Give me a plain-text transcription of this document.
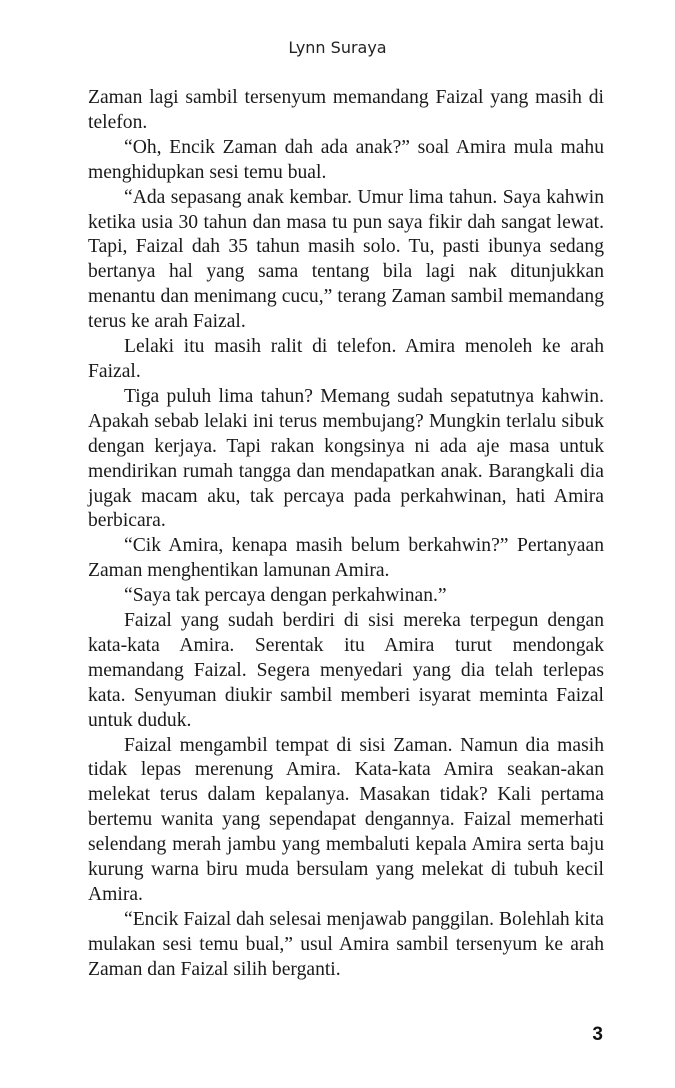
Lynn Suraya

Zaman lagi sambil tersenyum memandang Faizal yang masih di telefon.

“Oh, Encik Zaman dah ada anak?” soal Amira mula mahu menghidupkan sesi temu bual.

“Ada sepasang anak kembar. Umur lima tahun. Saya kahwin ketika usia 30 tahun dan masa tu pun saya fikir dah sangat lewat. Tapi, Faizal dah 35 tahun masih solo. Tu, pasti ibunya sedang bertanya hal yang sama tentang bila lagi nak ditunjukkan menantu dan menimang cucu,” terang Zaman sambil memandang terus ke arah Faizal.

Lelaki itu masih ralit di telefon. Amira menoleh ke arah Faizal.

Tiga puluh lima tahun? Memang sudah sepatutnya kahwin. Apakah sebab lelaki ini terus membujang? Mungkin terlalu sibuk dengan kerjaya. Tapi rakan kongsinya ni ada aje masa untuk mendirikan rumah tangga dan mendapatkan anak. Barangkali dia jugak macam aku, tak percaya pada perkahwinan, hati Amira berbicara.

“Cik Amira, kenapa masih belum berkahwin?” Pertanyaan Zaman menghentikan lamunan Amira.

“Saya tak percaya dengan perkahwinan.”

Faizal yang sudah berdiri di sisi mereka terpegun dengan kata-kata Amira. Serentak itu Amira turut mendongak memandang Faizal. Segera menyedari yang dia telah terlepas kata. Senyuman diukir sambil memberi isyarat meminta Faizal untuk duduk.

Faizal mengambil tempat di sisi Zaman. Namun dia masih tidak lepas merenung Amira. Kata-kata Amira seakan-akan melekat terus dalam kepalanya. Masakan tidak? Kali pertama bertemu wanita yang sependapat dengannya. Faizal memerhati selendang merah jambu yang membaluti kepala Amira serta baju kurung warna biru muda bersulam yang melekat di tubuh kecil Amira.

“Encik Faizal dah selesai menjawab panggilan. Bolehlah kita mulakan sesi temu bual,” usul Amira sambil tersenyum ke arah Zaman dan Faizal silih berganti.

3
